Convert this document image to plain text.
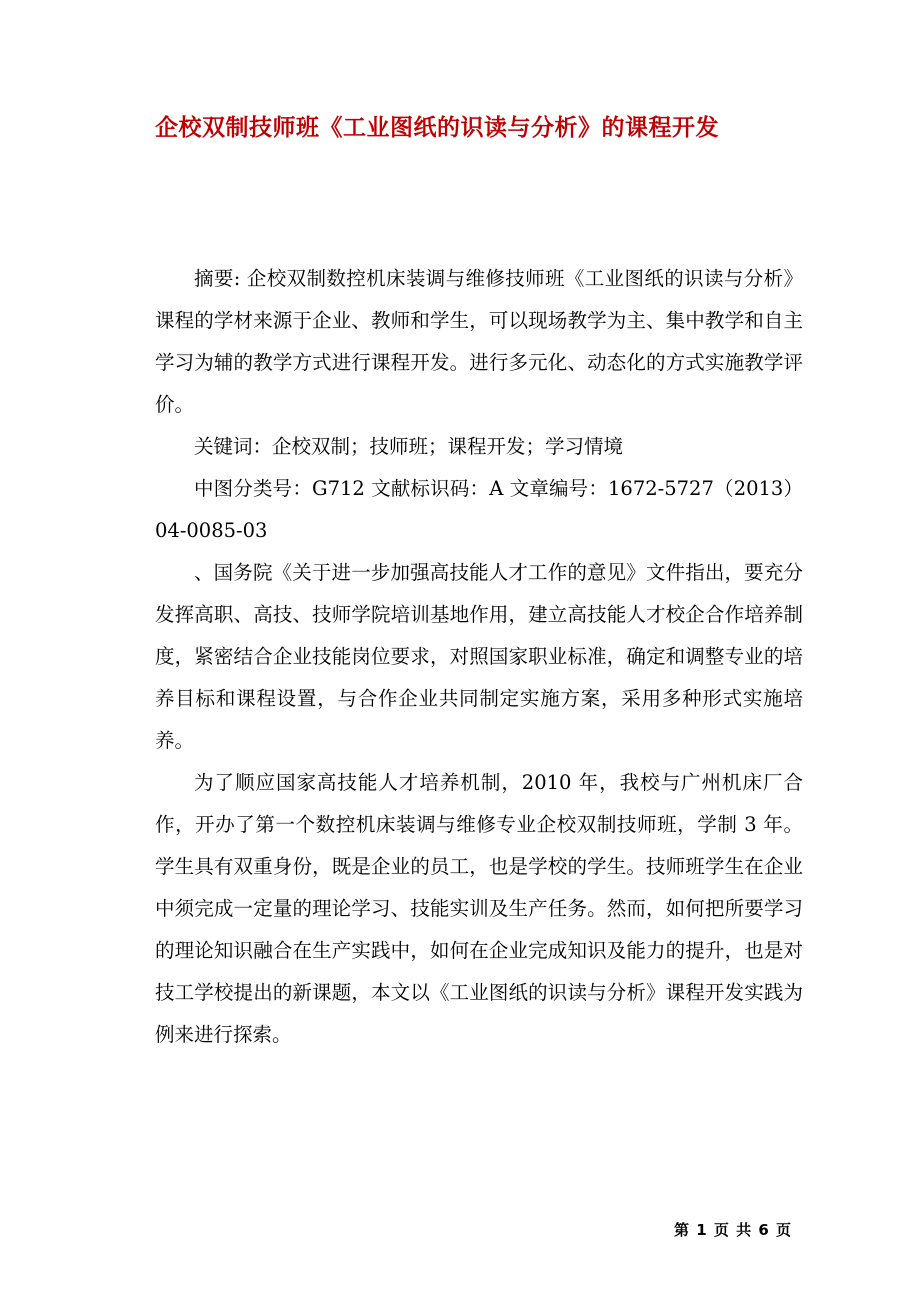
企校双制技师班《工业图纸的识读与分析》的课程开发

摘要: 企校双制数控机床装调与维修技师班《工业图纸的识读与分析》课程的学材来源于企业、教师和学生，可以现场教学为主、集中教学和自主学习为辅的教学方式进行课程开发。进行多元化、动态化的方式实施教学评价。

关键词：企校双制；技师班；课程开发；学习情境

中图分类号：G712 文献标识码：A 文章编号：1672-5727（2013）04-0085-03

、国务院《关于进一步加强高技能人才工作的意见》文件指出，要充分发挥高职、高技、技师学院培训基地作用，建立高技能人才校企合作培养制度，紧密结合企业技能岗位要求，对照国家职业标准，确定和调整专业的培养目标和课程设置，与合作企业共同制定实施方案，采用多种形式实施培养。

为了顺应国家高技能人才培养机制，2010 年，我校与广州机床厂合作，开办了第一个数控机床装调与维修专业企校双制技师班，学制 3 年。学生具有双重身份，既是企业的员工，也是学校的学生。技师班学生在企业中须完成一定量的理论学习、技能实训及生产任务。然而，如何把所要学习的理论知识融合在生产实践中，如何在企业完成知识及能力的提升，也是对技工学校提出的新课题，本文以《工业图纸的识读与分析》课程开发实践为例来进行探索。

第 1 页 共 6 页
